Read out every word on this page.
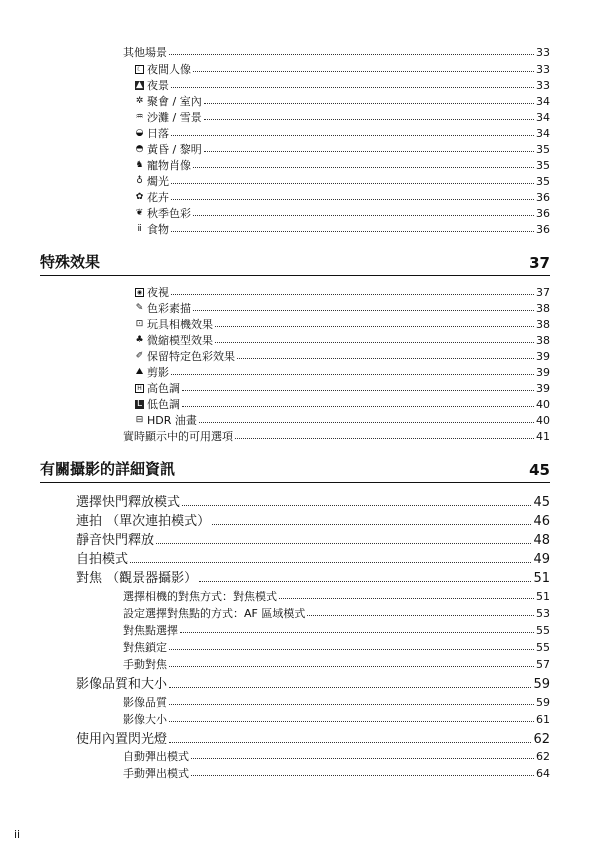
其他場景	33
☾ 夜間人像	33
▲ 夜景	33
✲ 聚會 / 室內	34
♒ 沙灘 / 雪景	34
◒ 日落	34
◓ 黃昏 / 黎明	35
♞ 寵物肖像	35
♁ 燭光	35
✿ 花卉	36
❦ 秋季色彩	36
ⅱ 食物	36
特殊效果	37
◉ 夜視	37
✎ 色彩素描	38
⊡ 玩具相機效果	38
♣ 微縮模型效果	38
✐ 保留特定色彩效果	39
⛰ 剪影	39
H 高色調	39
L 低色調	40
⊟ HDR 油畫	40
實時顯示中的可用選項	41
有關攝影的詳細資訊	45
選擇快門釋放模式	45
連拍 （單次連拍模式）	46
靜音快門釋放	48
自拍模式	49
對焦 （觀景器攝影）	51
選擇相機的對焦方式：對焦模式	51
設定選擇對焦點的方式：AF 區域模式	53
對焦點選擇	55
對焦鎖定	55
手動對焦	57
影像品質和大小	59
影像品質	59
影像大小	61
使用內置閃光燈	62
自動彈出模式	62
手動彈出模式	64
ii
